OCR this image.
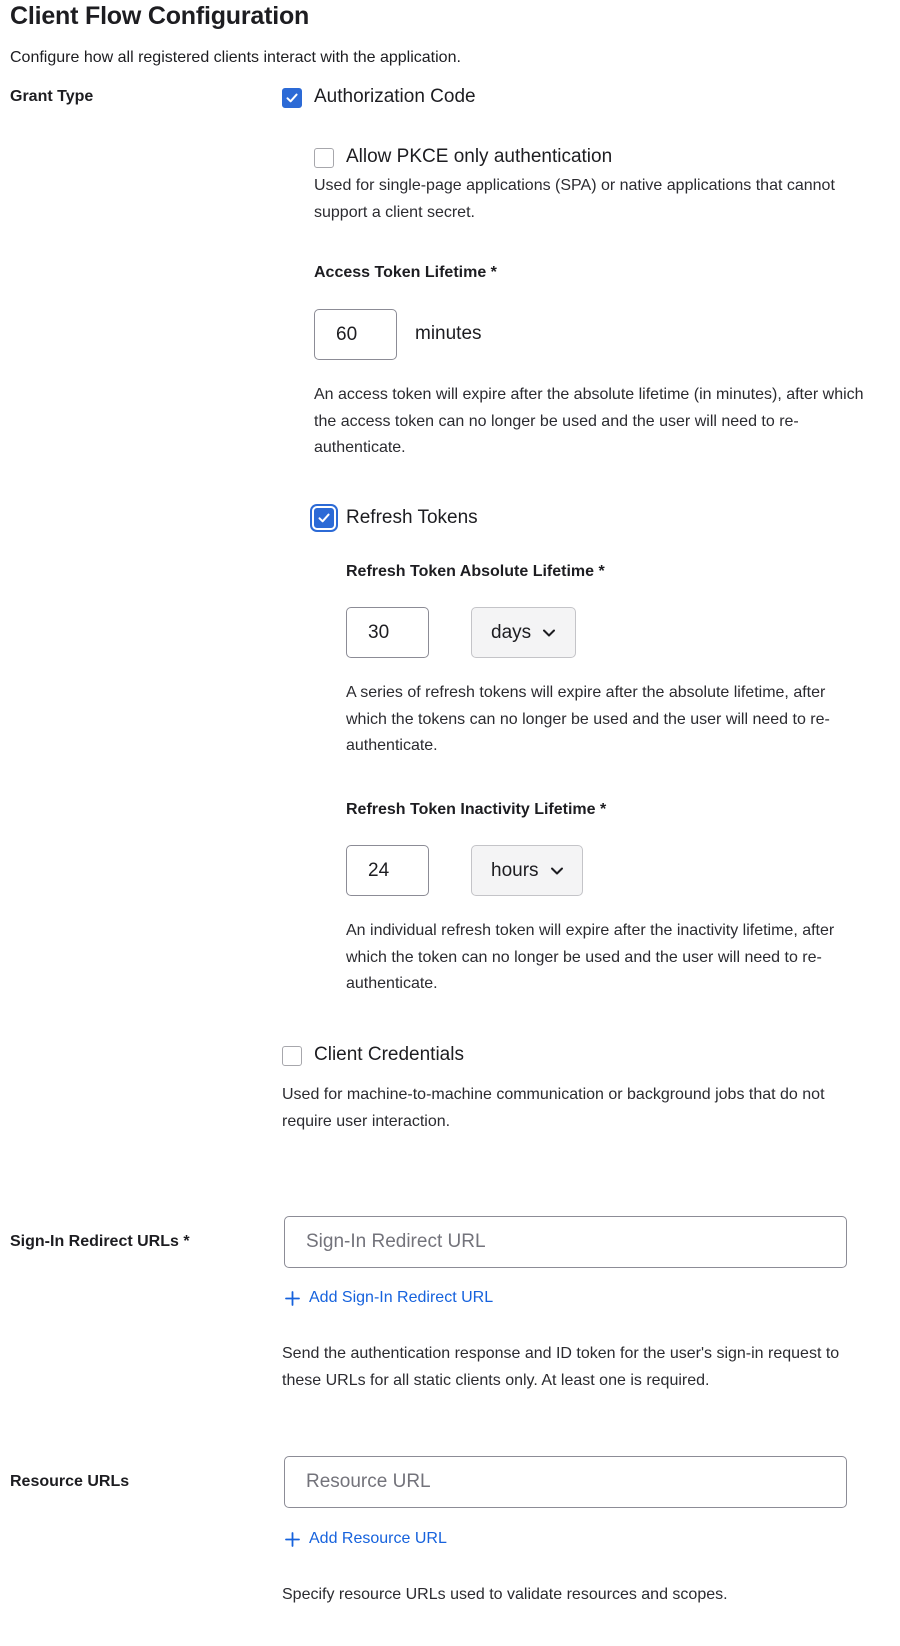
Client Flow Configuration
Configure how all registered clients interact with the application.
Grant Type	Authorization Code
Allow PKCE only authentication
Used for single-page applications (SPA) or native applications that cannot support a client secret.
Access Token Lifetime *
60	minutes
An access token will expire after the absolute lifetime (in minutes), after which the access token can no longer be used and the user will need to re-authenticate.
Refresh Tokens
Refresh Token Absolute Lifetime *
30	days
A series of refresh tokens will expire after the absolute lifetime, after which the tokens can no longer be used and the user will need to re-authenticate.
Refresh Token Inactivity Lifetime *
24	hours
An individual refresh token will expire after the inactivity lifetime, after which the token can no longer be used and the user will need to re-authenticate.
Client Credentials
Used for machine-to-machine communication or background jobs that do not require user interaction.
Sign-In Redirect URLs *
Sign-In Redirect URL
Add Sign-In Redirect URL
Send the authentication response and ID token for the user's sign-in request to these URLs for all static clients only. At least one is required.
Resource URLs
Resource URL
Add Resource URL
Specify resource URLs used to validate resources and scopes.
